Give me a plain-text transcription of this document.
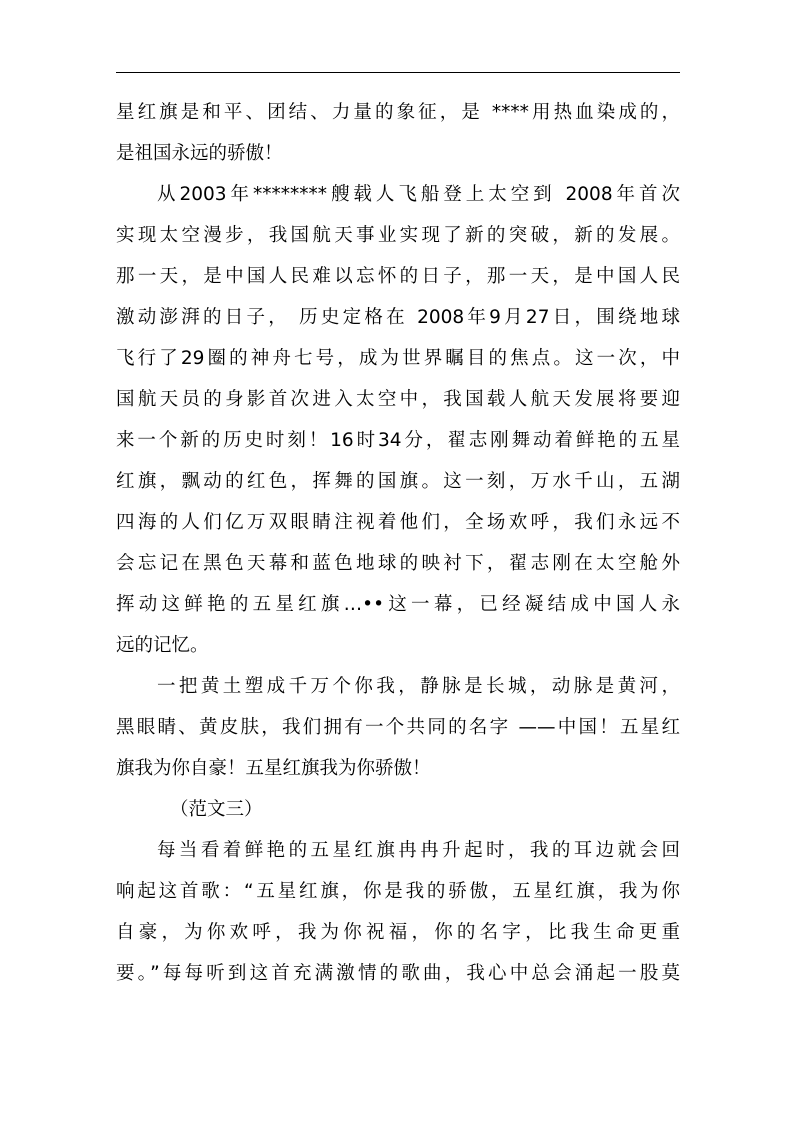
星红旗是和平、团结、力量的象征，是 ****用热血染成的，
是祖国永远的骄傲！
从2003年********艘载人飞船登上太空到 2008年首次
实现太空漫步，我国航天事业实现了新的突破，新的发展。
那一天，是中国人民难以忘怀的日子，那一天，是中国人民
激动澎湃的日子， 历史定格在 2008年9月27日，围绕地球
飞行了29圈的神舟七号，成为世界瞩目的焦点。这一次，中
国航天员的身影首次进入太空中，我国载人航天发展将要迎
来一个新的历史时刻！16时34分，翟志刚舞动着鲜艳的五星
红旗，飘动的红色，挥舞的国旗。这一刻，万水千山，五湖
四海的人们亿万双眼睛注视着他们，全场欢呼，我们永远不
会忘记在黑色天幕和蓝色地球的映衬下，翟志刚在太空舱外
挥动这鲜艳的五星红旗…••这一幕，已经凝结成中国人永
远的记忆。
一把黄土塑成千万个你我，静脉是长城，动脉是黄河，
黑眼睛、黄皮肤，我们拥有一个共同的名字 ——中国！五星红
旗我为你自豪！五星红旗我为你骄傲！
（范文三）
每当看着鲜艳的五星红旗冉冉升起时，我的耳边就会回
响起这首歌：“五星红旗，你是我的骄傲，五星红旗，我为你
自豪，为你欢呼，我为你祝福，你的名字，比我生命更重
要。”每每听到这首充满激情的歌曲，我心中总会涌起一股莫
